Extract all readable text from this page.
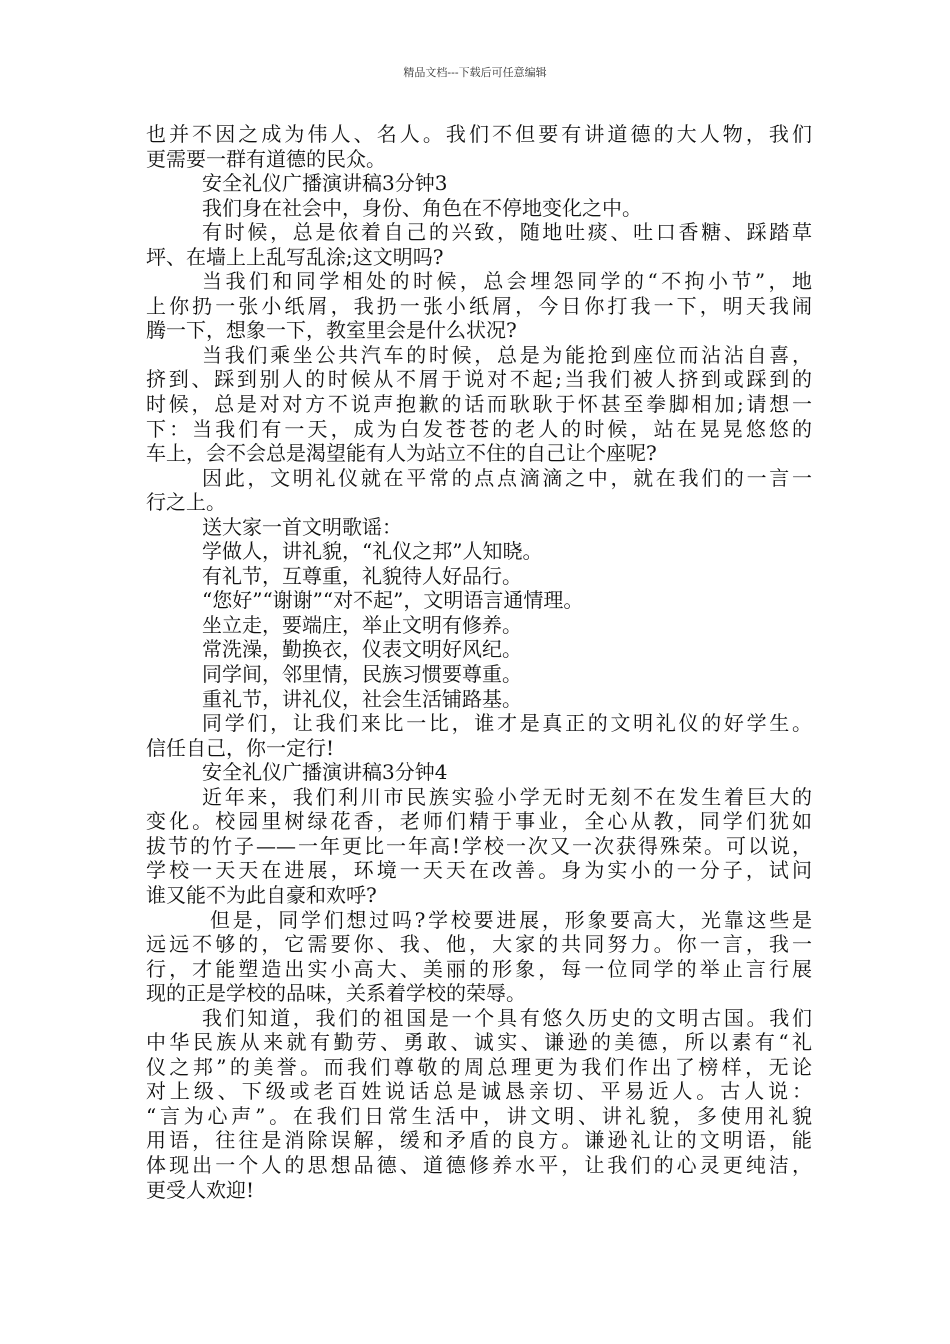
精品文档---下载后可任意编辑
也并不因之成为伟人、名人。我们不但要有讲道德的大人物，我们
更需要一群有道德的民众。
安全礼仪广播演讲稿3分钟3
我们身在社会中，身份、角色在不停地变化之中。
有时候，总是依着自己的兴致，随地吐痰、吐口香糖、踩踏草
坪、在墙上上乱写乱涂;这文明吗?
当我们和同学相处的时候，总会埋怨同学的“不拘小节”，地
上你扔一张小纸屑，我扔一张小纸屑，今日你打我一下，明天我闹
腾一下，想象一下，教室里会是什么状况?
当我们乘坐公共汽车的时候，总是为能抢到座位而沾沾自喜，
挤到、踩到别人的时候从不屑于说对不起;当我们被人挤到或踩到的
时候，总是对对方不说声抱歉的话而耿耿于怀甚至拳脚相加;请想一
下：当我们有一天，成为白发苍苍的老人的时候，站在晃晃悠悠的
车上，会不会总是渴望能有人为站立不住的自己让个座呢?
因此，文明礼仪就在平常的点点滴滴之中，就在我们的一言一
行之上。
送大家一首文明歌谣：
学做人，讲礼貌，“礼仪之邦”人知晓。
有礼节，互尊重，礼貌待人好品行。
“您好”“谢谢”“对不起”，文明语言通情理。
坐立走，要端庄，举止文明有修养。
常洗澡，勤换衣，仪表文明好风纪。
同学间，邻里情，民族习惯要尊重。
重礼节，讲礼仪，社会生活铺路基。
同学们，让我们来比一比，谁才是真正的文明礼仪的好学生。
信任自己，你一定行!
安全礼仪广播演讲稿3分钟4
近年来，我们利川市民族实验小学无时无刻不在发生着巨大的
变化。校园里树绿花香，老师们精于事业，全心从教，同学们犹如
拔节的竹子——一年更比一年高!学校一次又一次获得殊荣。可以说，
学校一天天在进展，环境一天天在改善。身为实小的一分子，试问
谁又能不为此自豪和欢呼?
但是，同学们想过吗?学校要进展，形象要高大，光靠这些是
远远不够的，它需要你、我、他，大家的共同努力。你一言，我一
行，才能塑造出实小高大、美丽的形象，每一位同学的举止言行展
现的正是学校的品味，关系着学校的荣辱。
我们知道，我们的祖国是一个具有悠久历史的文明古国。我们
中华民族从来就有勤劳、勇敢、诚实、谦逊的美德，所以素有“礼
仪之邦”的美誉。而我们尊敬的周总理更为我们作出了榜样，无论
对上级、下级或老百姓说话总是诚恳亲切、平易近人。古人说：
“言为心声”。在我们日常生活中，讲文明、讲礼貌，多使用礼貌
用语，往往是消除误解，缓和矛盾的良方。谦逊礼让的文明语，能
体现出一个人的思想品德、道德修养水平，让我们的心灵更纯洁，
更受人欢迎!
